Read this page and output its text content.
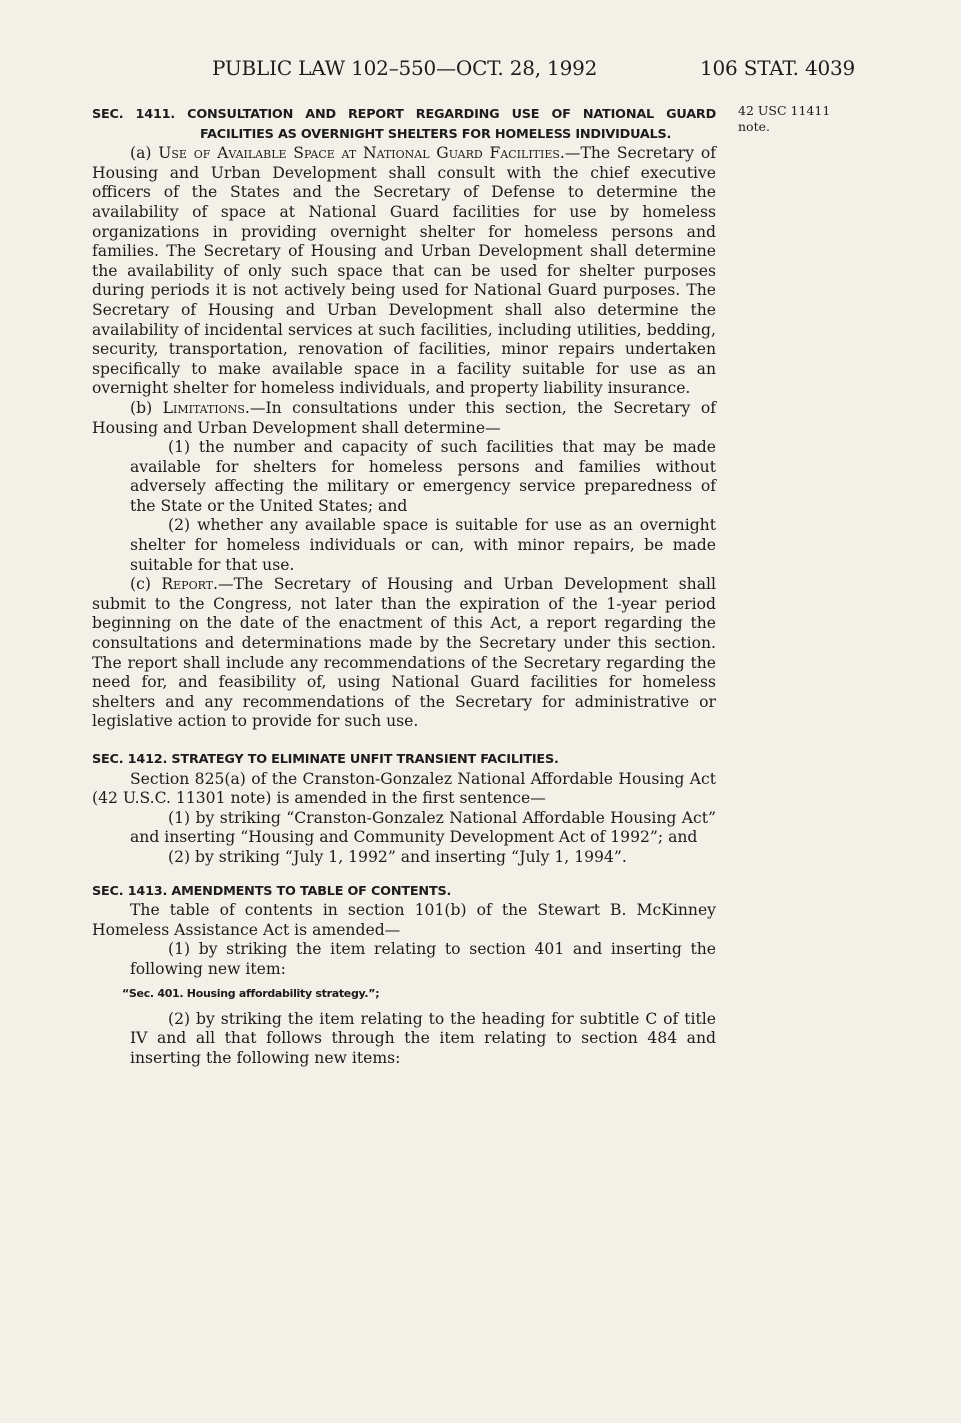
PUBLIC LAW 102–550—OCT. 28, 1992	106 STAT. 4039
42 USC 11411
note.

SEC. 1411. CONSULTATION AND REPORT REGARDING USE OF NATIONAL GUARD FACILITIES AS OVERNIGHT SHELTERS FOR HOMELESS INDIVIDUALS.

(a) Use of Available Space at National Guard Facilities.—The Secretary of Housing and Urban Development shall consult with the chief executive officers of the States and the Secretary of Defense to determine the availability of space at National Guard facilities for use by homeless organizations in providing overnight shelter for homeless persons and families. The Secretary of Housing and Urban Development shall determine the availability of only such space that can be used for shelter purposes during periods it is not actively being used for National Guard purposes. The Secretary of Housing and Urban Development shall also determine the availability of incidental services at such facilities, including utilities, bedding, security, transportation, renovation of facilities, minor repairs undertaken specifically to make available space in a facility suitable for use as an overnight shelter for homeless individuals, and property liability insurance.

(b) Limitations.—In consultations under this section, the Secretary of Housing and Urban Development shall determine—

(1) the number and capacity of such facilities that may be made available for shelters for homeless persons and families without adversely affecting the military or emergency service preparedness of the State or the United States; and

(2) whether any available space is suitable for use as an overnight shelter for homeless individuals or can, with minor repairs, be made suitable for that use.

(c) Report.—The Secretary of Housing and Urban Development shall submit to the Congress, not later than the expiration of the 1-year period beginning on the date of the enactment of this Act, a report regarding the consultations and determinations made by the Secretary under this section. The report shall include any recommendations of the Secretary regarding the need for, and feasibility of, using National Guard facilities for homeless shelters and any recommendations of the Secretary for administrative or legislative action to provide for such use.

SEC. 1412. STRATEGY TO ELIMINATE UNFIT TRANSIENT FACILITIES.

Section 825(a) of the Cranston-Gonzalez National Affordable Housing Act (42 U.S.C. 11301 note) is amended in the first sentence—

(1) by striking “Cranston-Gonzalez National Affordable Housing Act” and inserting “Housing and Community Development Act of 1992”; and

(2) by striking “July 1, 1992” and inserting “July 1, 1994”.

SEC. 1413. AMENDMENTS TO TABLE OF CONTENTS.

The table of contents in section 101(b) of the Stewart B. McKinney Homeless Assistance Act is amended—

(1) by striking the item relating to section 401 and inserting the following new item:

“Sec. 401. Housing affordability strategy.”;

(2) by striking the item relating to the heading for subtitle C of title IV and all that follows through the item relating to section 484 and inserting the following new items:
